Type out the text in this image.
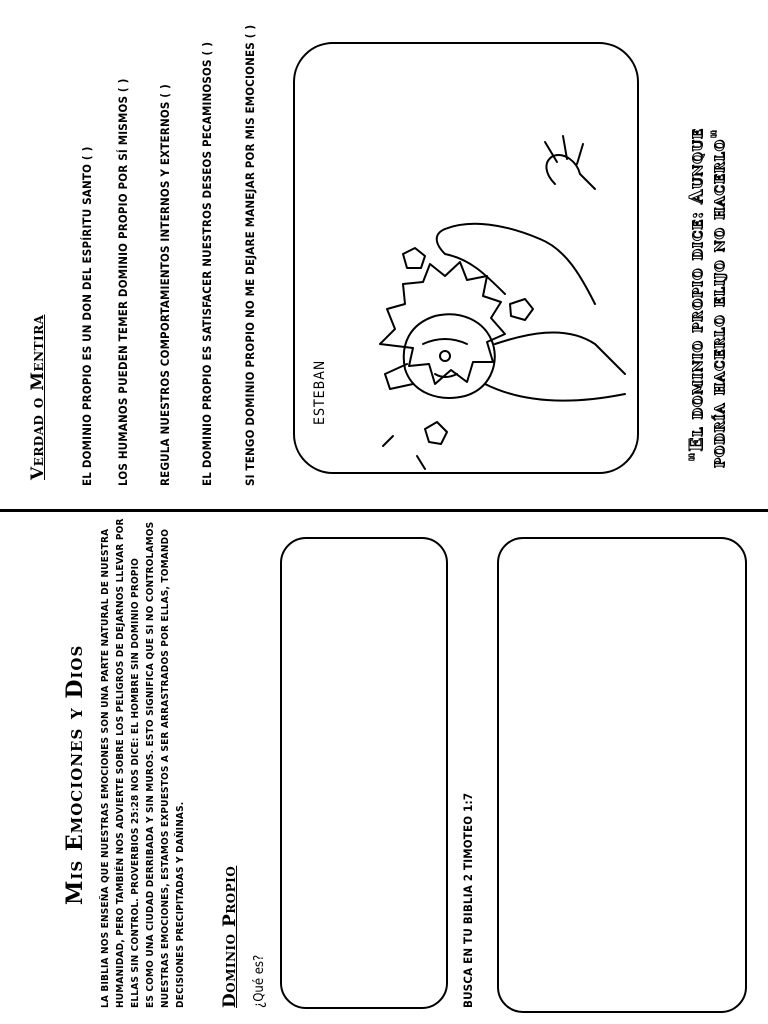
Mis Emociones y Dios LA BIBLIA NOS ENSEÑA QUE NUESTRAS EMOCIONES SON UNA PARTE NATURAL DE NUESTRA HUMANIDAD, PERO TAMBIÉN NOS ADVIERTE SOBRE LOS PELIGROS DE DEJARNOS LLEVAR POR ELLAS SIN CONTROL. PROVERBIOS 25:28 NOS DICE: EL HOMBRE SIN DOMINIO PROPIO ES COMO UNA CIUDAD DERRIBADA Y SIN MUROS. ESTO SIGNIFICA QUE SI NO CONTROLAMOS NUESTRAS EMOCIONES, ESTAMOS EXPUESTOS A SER ARRASTRADOS POR ELLAS, TOMANDO DECISIONES PRECIPITADAS Y DAÑINAS. Dominio Propio ¿Qué es?	BUSCA EN TU BIBLIA 2 TIMOTEO 1:7
Verdad o Mentira	EL DOMINIO PROPIO ES UN DON DEL ESPÍRITU SANTO ( ) LOS HUMANOS PUEDEN TEMER DOMINIO PROPIO POR SÍ MISMOS ( ) REGULA NUESTROS COMPORTAMIENTOS INTERNOS Y EXTERNOS ( ) EL DOMINIO PROPIO ES SATISFACER NUESTROS DESEOS PECAMINOSOS ( )	SI TENGO DOMINIO PROPIO NO ME DEJARE MANEJAR POR MIS EMOCIONES ( )	ESTEBAN	"El dominio propio dice: Aunque podría hacerlo elijo no hacerlo"
